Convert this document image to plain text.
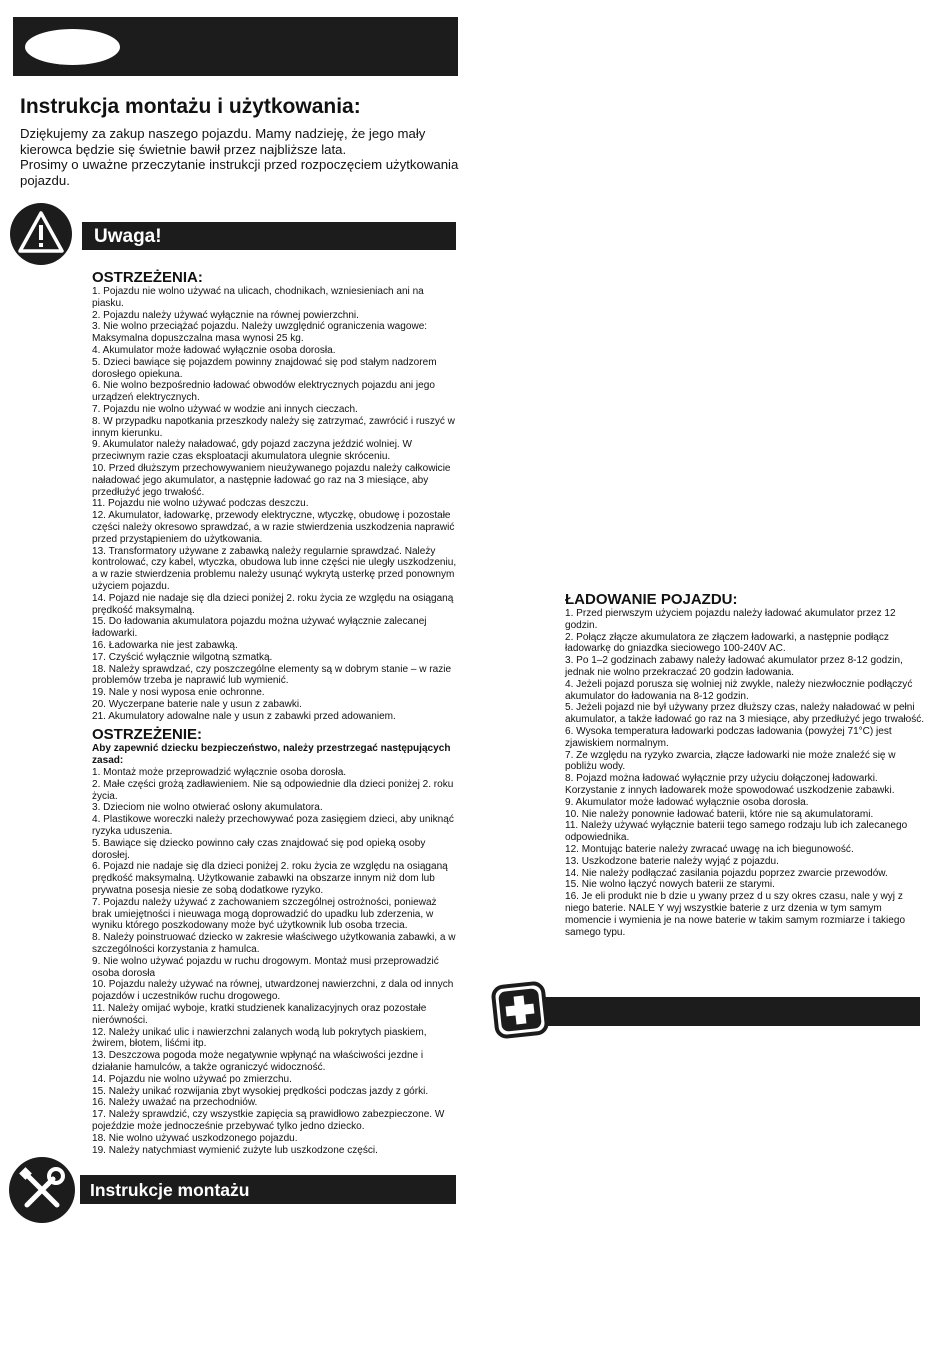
Instrukcja montażu i użytkowania:
Dziękujemy za zakup naszego pojazdu. Mamy nadzieję, że jego mały kierowca będzie się świetnie bawił przez najbliższe lata.
Prosimy o uważne przeczytanie instrukcji przed rozpoczęciem użytkowania pojazdu.
Uwaga!
OSTRZEŻENIA:
1. Pojazdu nie wolno używać na ulicach, chodnikach, wzniesieniach ani na piasku.
2. Pojazdu należy używać wyłącznie na równej powierzchni.
3. Nie wolno przeciążać pojazdu. Należy uwzględnić ograniczenia wagowe: Maksymalna dopuszczalna masa wynosi 25 kg.
4. Akumulator może ładować wyłącznie osoba dorosła.
5. Dzieci bawiące się pojazdem powinny znajdować się pod stałym nadzorem dorosłego opiekuna.
6. Nie wolno bezpośrednio ładować obwodów elektrycznych pojazdu ani jego urządzeń elektrycznych.
7. Pojazdu nie wolno używać w wodzie ani innych cieczach.
8. W przypadku napotkania przeszkody należy się zatrzymać, zawrócić i ruszyć w innym kierunku.
9. Akumulator należy naładować, gdy pojazd zaczyna jeździć wolniej. W przeciwnym razie czas eksploatacji akumulatora ulegnie skróceniu.
10. Przed dłuższym przechowywaniem nieużywanego pojazdu należy całkowicie naładować jego akumulator, a następnie ładować go raz na 3 miesiące, aby przedłużyć jego trwałość.
11. Pojazdu nie wolno używać podczas deszczu.
12. Akumulator, ładowarkę, przewody elektryczne, wtyczkę, obudowę i pozostałe części należy okresowo sprawdzać, a w razie stwierdzenia uszkodzenia naprawić przed przystąpieniem do użytkowania.
13. Transformatory używane z zabawką należy regularnie sprawdzać. Należy kontrolować, czy kabel, wtyczka, obudowa lub inne części nie uległy uszkodzeniu, a w razie stwierdzenia problemu należy usunąć wykrytą usterkę przed ponownym użyciem pojazdu.
14. Pojazd nie nadaje się dla dzieci poniżej 2. roku życia ze względu na osiąganą prędkość maksymalną.
15. Do ładowania akumulatora pojazdu można używać wyłącznie zalecanej ładowarki.
16. Ładowarka nie jest zabawką.
17. Czyścić wyłącznie wilgotną szmatką.
18. Należy sprawdzać, czy poszczególne elementy są w dobrym stanie – w razie problemów trzeba je naprawić lub wymienić.
19. Nale y nosi wyposa enie ochronne.
20. Wyczerpane baterie nale y usun z zabawki.
21. Akumulatory adowalne nale y usun z zabawki przed adowaniem.
OSTRZEŻENIE:
Aby zapewnić dziecku bezpieczeństwo, należy przestrzegać następujących zasad:
1. Montaż może przeprowadzić wyłącznie osoba dorosła.
2. Małe części grożą zadławieniem. Nie są odpowiednie dla dzieci poniżej 2. roku życia.
3. Dzieciom nie wolno otwierać osłony akumulatora.
4. Plastikowe woreczki należy przechowywać poza zasięgiem dzieci, aby uniknąć ryzyka uduszenia.
5. Bawiące się dziecko powinno cały czas znajdować się pod opieką osoby dorosłej.
6. Pojazd nie nadaje się dla dzieci poniżej 2. roku życia ze względu na osiąganą prędkość maksymalną. Użytkowanie zabawki na obszarze innym niż dom lub prywatna posesja niesie ze sobą dodatkowe ryzyko.
7. Pojazdu należy używać z zachowaniem szczególnej ostrożności, ponieważ brak umiejętności i nieuwaga mogą doprowadzić do upadku lub zderzenia, w wyniku którego poszkodowany może być użytkownik lub osoba trzecia.
8. Należy poinstruować dziecko w zakresie właściwego użytkowania zabawki, a w szczególności korzystania z hamulca.
9. Nie wolno używać pojazdu w ruchu drogowym. Montaż musi przeprowadzić osoba dorosła
10. Pojazdu należy używać na równej, utwardzonej nawierzchni, z dala od innych pojazdów i uczestników ruchu drogowego.
11. Należy omijać wyboje, kratki studzienek kanalizacyjnych oraz pozostałe nierówności.
12. Należy unikać ulic i nawierzchni zalanych wodą lub pokrytych piaskiem, żwirem, błotem, liśćmi itp.
13. Deszczowa pogoda może negatywnie wpłynąć na właściwości jezdne i działanie hamulców, a także ograniczyć widoczność.
14. Pojazdu nie wolno używać po zmierzchu.
15. Należy unikać rozwijania zbyt wysokiej prędkości podczas jazdy z górki.
16. Należy uważać na przechodniów.
17. Należy sprawdzić, czy wszystkie zapięcia są prawidłowo zabezpieczone. W pojeździe może jednocześnie przebywać tylko jedno dziecko.
18. Nie wolno używać uszkodzonego pojazdu.
19. Należy natychmiast wymienić zużyte lub uszkodzone części.
Instrukcje montażu
ŁADOWANIE POJAZDU:
1. Przed pierwszym użyciem pojazdu należy ładować akumulator przez 12 godzin.
2. Połącz złącze akumulatora ze złączem ładowarki, a następnie podłącz ładowarkę do gniazdka sieciowego 100-240V AC.
3. Po 1–2 godzinach zabawy należy ładować akumulator przez 8-12 godzin, jednak nie wolno przekraczać 20 godzin ładowania.
4. Jeżeli pojazd porusza się wolniej niż zwykle, należy niezwłocznie podłączyć akumulator do ładowania na 8-12 godzin.
5. Jeżeli pojazd nie był używany przez dłuższy czas, należy naładować w pełni akumulator, a także ładować go raz na 3 miesiące, aby przedłużyć jego trwałość.
6. Wysoka temperatura ładowarki podczas ładowania (powyżej 71°C) jest zjawiskiem normalnym.
7. Ze względu na ryzyko zwarcia, złącze ładowarki nie może znaleźć się w pobliżu wody.
8. Pojazd można ładować wyłącznie przy użyciu dołączonej ładowarki. Korzystanie z innych ładowarek może spowodować uszkodzenie zabawki.
9. Akumulator może ładować wyłącznie osoba dorosła.
10. Nie należy ponownie ładować baterii, które nie są akumulatorami.
11. Należy używać wyłącznie baterii tego samego rodzaju lub ich zalecanego odpowiednika.
12. Montując baterie należy zwracać uwagę na ich biegunowość.
13. Uszkodzone baterie należy wyjąć z pojazdu.
14. Nie należy podłączać zasilania pojazdu poprzez zwarcie przewodów.
15. Nie wolno łączyć nowych baterii ze starymi.
16. Je eli produkt nie b dzie u ywany przez d u szy okres czasu, nale y wyj z niego baterie. NALE Y wyj wszystkie baterie z urz dzenia w tym samym momencie i wymienia je na nowe baterie w takim samym rozmiarze i takiego samego typu.
